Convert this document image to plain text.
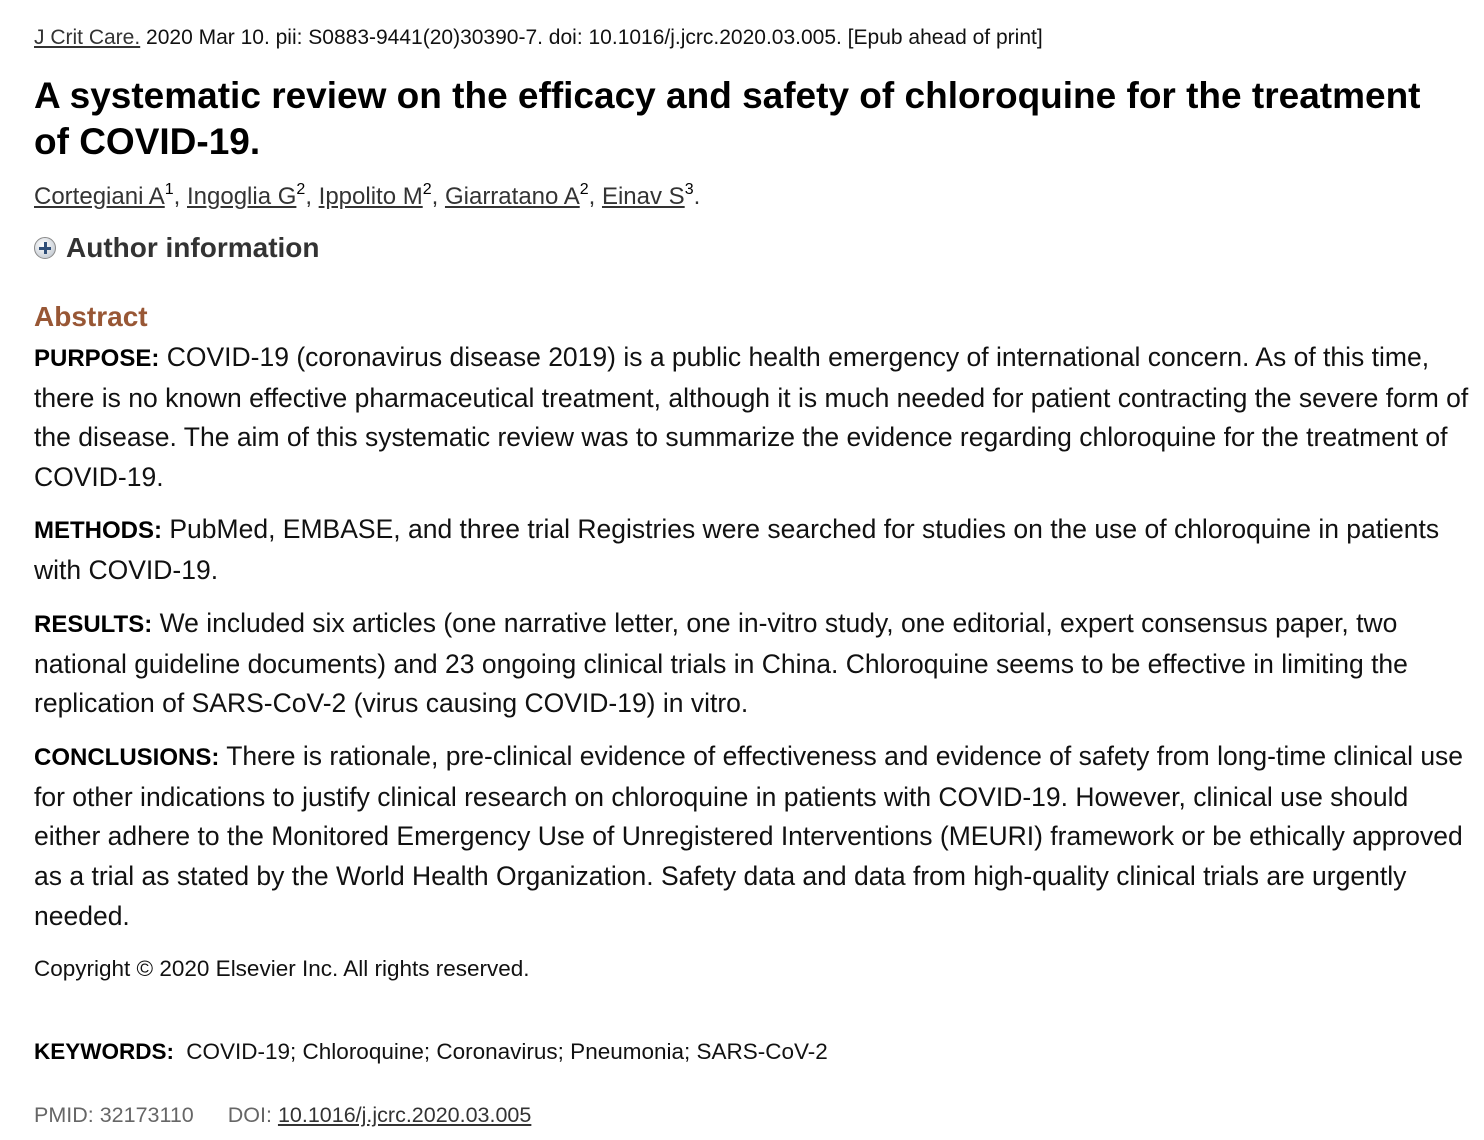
J Crit Care. 2020 Mar 10. pii: S0883-9441(20)30390-7. doi: 10.1016/j.jcrc.2020.03.005. [Epub ahead of print]
A systematic review on the efficacy and safety of chloroquine for the treatment of COVID-19.
Cortegiani $A^1$, Ingoglia $G^2$, Ippolito $M^2$, Giarratano $A^2$, Einav $S^3$.
Author information
Abstract

PURPOSE: COVID-19 (coronavirus disease 2019) is a public health emergency of international concern. As of this time, there is no known effective pharmaceutical treatment, although it is much needed for patient contracting the severe form of the disease. The aim of this systematic review was to summarize the evidence regarding chloroquine for the treatment of COVID-19.

METHODS: PubMed, EMBASE, and three trial Registries were searched for studies on the use of chloroquine in patients with COVID-19.

RESULTS: We included six articles (one narrative letter, one in-vitro study, one editorial, expert consensus paper, two national guideline documents) and 23 ongoing clinical trials in China. Chloroquine seems to be effective in limiting the replication of SARS-CoV-2 (virus causing COVID-19) in vitro.

CONCLUSIONS: There is rationale, pre-clinical evidence of effectiveness and evidence of safety from long-time clinical use for other indications to justify clinical research on chloroquine in patients with COVID-19. However, clinical use should either adhere to the Monitored Emergency Use of Unregistered Interventions (MEURI) framework or be ethically approved as a trial as stated by the World Health Organization. Safety data and data from high-quality clinical trials are urgently needed.

Copyright © 2020 Elsevier Inc. All rights reserved.
KEYWORDS: COVID-19; Chloroquine; Coronavirus; Pneumonia; SARS-CoV-2
PMID: 32173110 DOI: 10.1016/j.jcrc.2020.03.005
